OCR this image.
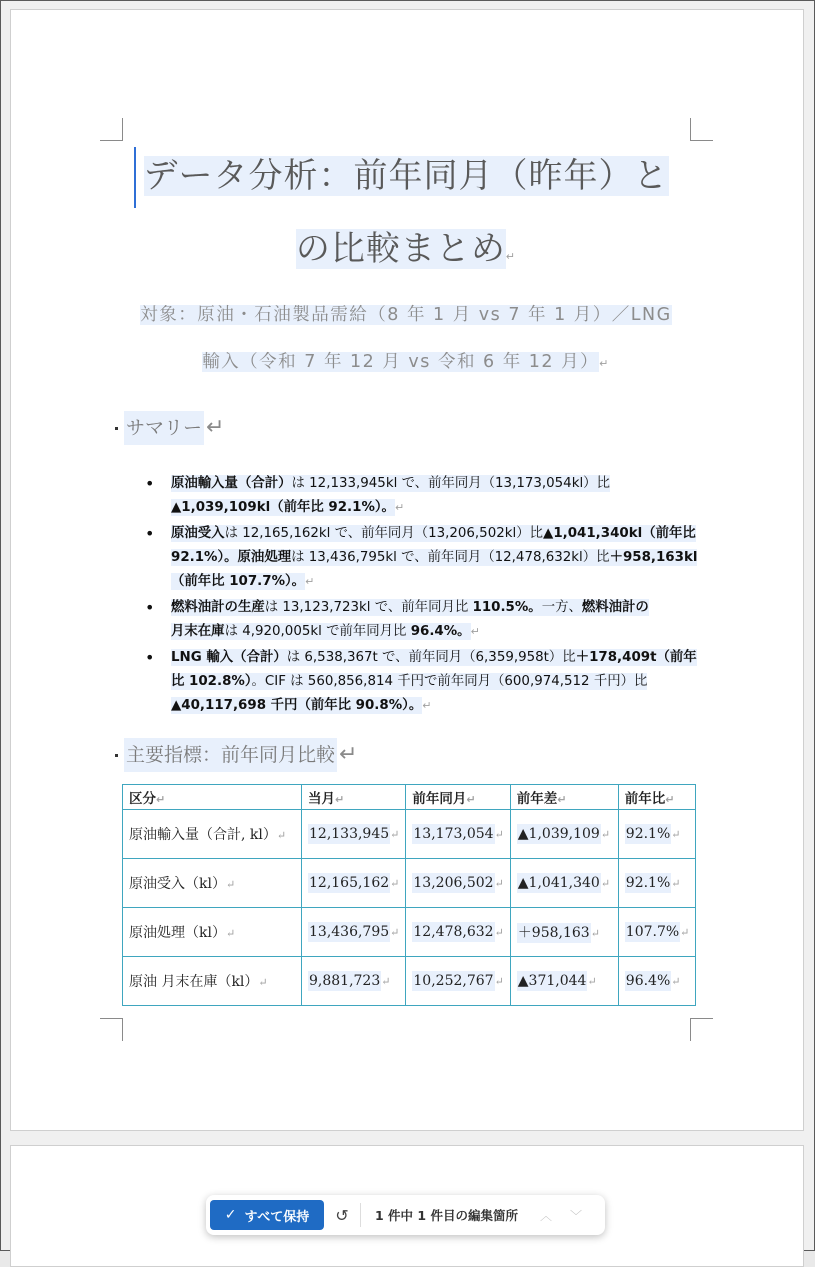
データ分析：前年同月（昨年）と
の比較まとめ↵
対象：原油・石油製品需給（8 年 1 月 vs 7 年 1 月）／LNG
輸入（令和 7 年 12 月 vs 令和 6 年 12 月）↵
サマリー ↵
• 原油輸入量（合計）は 12,133,945kl で、前年同月（13,173,054kl）比
▲1,039,109kl（前年比 92.1%）。↵
• 原油受入は 12,165,162kl で、前年同月（13,206,502kl）比▲1,041,340kl（前年比
92.1%）。原油処理は 13,436,795kl で、前年同月（12,478,632kl）比＋958,163kl
（前年比 107.7%）。↵
• 燃料油計の生産は 13,123,723kl で、前年同月比 110.5%。一方、燃料油計の
月末在庫は 4,920,005kl で前年同月比 96.4%。↵
• LNG 輸入（合計）は 6,538,367t で、前年同月（6,359,958t）比＋178,409t（前年
比 102.8%）。CIF は 560,856,814 千円で前年同月（600,974,512 千円）比
▲40,117,698 千円（前年比 90.8%）。↵
主要指標：前年同月比較 ↵
区分↵	当月↵	前年同月↵	前年差↵	前年比↵
原油輸入量（合計, kl）↵	12,133,945↵	13,173,054↵	▲1,039,109↵	92.1%↵
原油受入（kl）↵	12,165,162↵	13,206,502↵	▲1,041,340↵	92.1%↵
原油処理（kl）↵	13,436,795↵	12,478,632↵	＋958,163↵	107.7%↵
原油 月末在庫（kl）↵	9,881,723↵	10,252,767↵	▲371,044↵	96.4%↵
✓ すべて保持	↺	1 件中 1 件目の編集箇所	︿	﹀
